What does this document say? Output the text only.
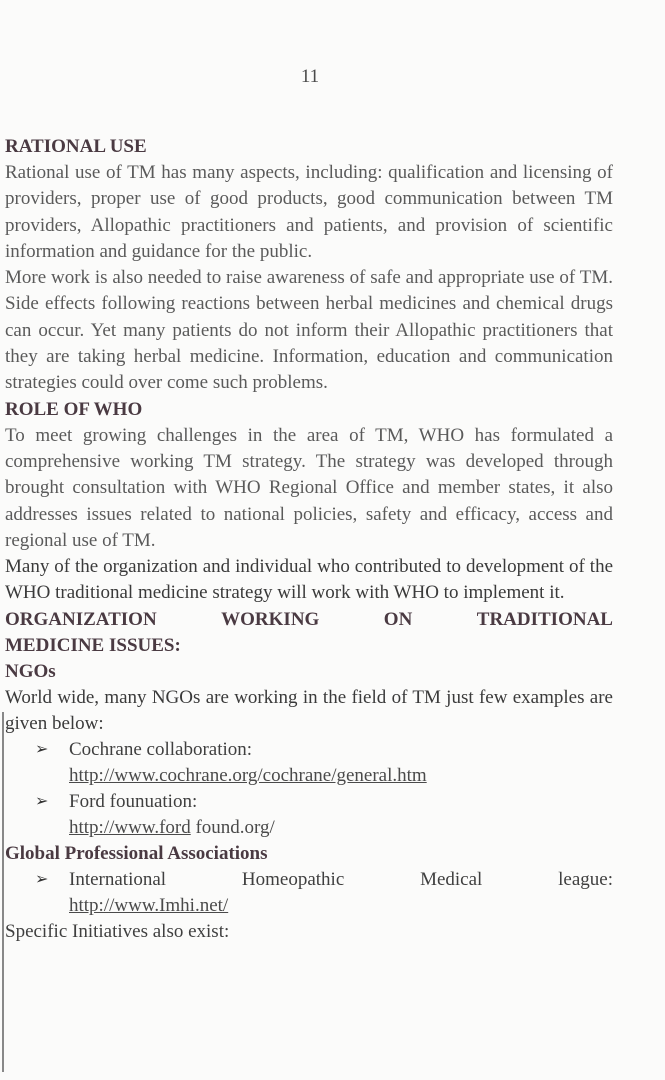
11
RATIONAL USE

Rational use of TM has many aspects, including: qualification and licensing of providers, proper use of good products, good communication between TM providers, Allopathic practitioners and patients, and provision of scientific information and guidance for the public.

More work is also needed to raise awareness of safe and appropriate use of TM. Side effects following reactions between herbal medicines and chemical drugs can occur. Yet many patients do not inform their Allopathic practitioners that they are taking herbal medicine. Information, education and communication strategies could over come such problems.

ROLE OF WHO

To meet growing challenges in the area of TM, WHO has formulated a comprehensive working TM strategy. The strategy was developed through brought consultation with WHO Regional Office and member states, it also addresses issues related to national policies, safety and efficacy, access and regional use of TM.

Many of the organization and individual who contributed to development of the WHO traditional medicine strategy will work with WHO to implement it.

ORGANIZATION	WORKING	ON	TRADITIONAL
MEDICINE ISSUES:
NGOs

World wide, many NGOs are working in the field of TM just few examples are given below:

➢	Cochrane collaboration:
http://www.cochrane.org/cochrane/general.htm
➢	Ford founuation:
http://www.ford found.org/
Global Professional Associations
➢	International	Homeopathic	Medical	league:
http://www.Imhi.net/

Specific Initiatives also exist:
